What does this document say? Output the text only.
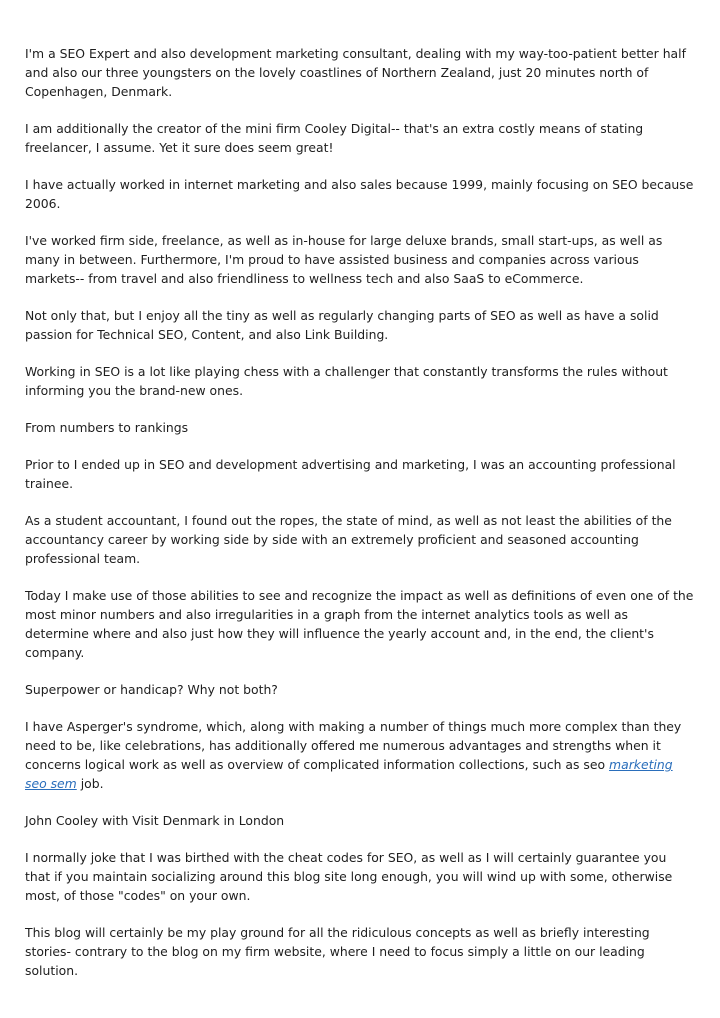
I'm a SEO Expert and also development marketing consultant, dealing with my way-too-patient better half and also our three youngsters on the lovely coastlines of Northern Zealand, just 20 minutes north of Copenhagen, Denmark.

I am additionally the creator of the mini firm Cooley Digital-- that's an extra costly means of stating freelancer, I assume. Yet it sure does seem great!

I have actually worked in internet marketing and also sales because 1999, mainly focusing on SEO because 2006.

I've worked firm side, freelance, as well as in-house for large deluxe brands, small start-ups, as well as many in between. Furthermore, I'm proud to have assisted business and companies across various markets-- from travel and also friendliness to wellness tech and also SaaS to eCommerce.

Not only that, but I enjoy all the tiny as well as regularly changing parts of SEO as well as have a solid passion for Technical SEO, Content, and also Link Building.

Working in SEO is a lot like playing chess with a challenger that constantly transforms the rules without informing you the brand-new ones.

From numbers to rankings

Prior to I ended up in SEO and development advertising and marketing, I was an accounting professional trainee.

As a student accountant, I found out the ropes, the state of mind, as well as not least the abilities of the accountancy career by working side by side with an extremely proficient and seasoned accounting professional team.

Today I make use of those abilities to see and recognize the impact as well as definitions of even one of the most minor numbers and also irregularities in a graph from the internet analytics tools as well as determine where and also just how they will influence the yearly account and, in the end, the client's company.

Superpower or handicap? Why not both?

I have Asperger's syndrome, which, along with making a number of things much more complex than they need to be, like celebrations, has additionally offered me numerous advantages and strengths when it concerns logical work as well as overview of complicated information collections, such as seo marketing seo sem job.

John Cooley with Visit Denmark in London

I normally joke that I was birthed with the cheat codes for SEO, as well as I will certainly guarantee you that if you maintain socializing around this blog site long enough, you will wind up with some, otherwise most, of those "codes" on your own.

This blog will certainly be my play ground for all the ridiculous concepts as well as briefly interesting stories- contrary to the blog on my firm website, where I need to focus simply a little on our leading solution.
